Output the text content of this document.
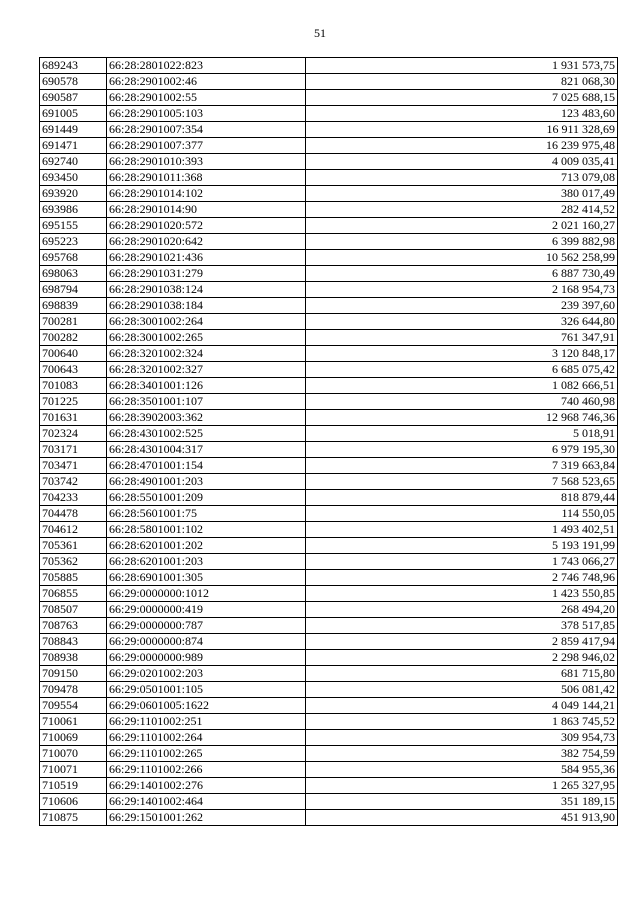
51
689243	66:28:2801022:823	1 931 573,75
690578	66:28:2901002:46	821 068,30
690587	66:28:2901002:55	7 025 688,15
691005	66:28:2901005:103	123 483,60
691449	66:28:2901007:354	16 911 328,69
691471	66:28:2901007:377	16 239 975,48
692740	66:28:2901010:393	4 009 035,41
693450	66:28:2901011:368	713 079,08
693920	66:28:2901014:102	380 017,49
693986	66:28:2901014:90	282 414,52
695155	66:28:2901020:572	2 021 160,27
695223	66:28:2901020:642	6 399 882,98
695768	66:28:2901021:436	10 562 258,99
698063	66:28:2901031:279	6 887 730,49
698794	66:28:2901038:124	2 168 954,73
698839	66:28:2901038:184	239 397,60
700281	66:28:3001002:264	326 644,80
700282	66:28:3001002:265	761 347,91
700640	66:28:3201002:324	3 120 848,17
700643	66:28:3201002:327	6 685 075,42
701083	66:28:3401001:126	1 082 666,51
701225	66:28:3501001:107	740 460,98
701631	66:28:3902003:362	12 968 746,36
702324	66:28:4301002:525	5 018,91
703171	66:28:4301004:317	6 979 195,30
703471	66:28:4701001:154	7 319 663,84
703742	66:28:4901001:203	7 568 523,65
704233	66:28:5501001:209	818 879,44
704478	66:28:5601001:75	114 550,05
704612	66:28:5801001:102	1 493 402,51
705361	66:28:6201001:202	5 193 191,99
705362	66:28:6201001:203	1 743 066,27
705885	66:28:6901001:305	2 746 748,96
706855	66:29:0000000:1012	1 423 550,85
708507	66:29:0000000:419	268 494,20
708763	66:29:0000000:787	378 517,85
708843	66:29:0000000:874	2 859 417,94
708938	66:29:0000000:989	2 298 946,02
709150	66:29:0201002:203	681 715,80
709478	66:29:0501001:105	506 081,42
709554	66:29:0601005:1622	4 049 144,21
710061	66:29:1101002:251	1 863 745,52
710069	66:29:1101002:264	309 954,73
710070	66:29:1101002:265	382 754,59
710071	66:29:1101002:266	584 955,36
710519	66:29:1401002:276	1 265 327,95
710606	66:29:1401002:464	351 189,15
710875	66:29:1501001:262	451 913,90
